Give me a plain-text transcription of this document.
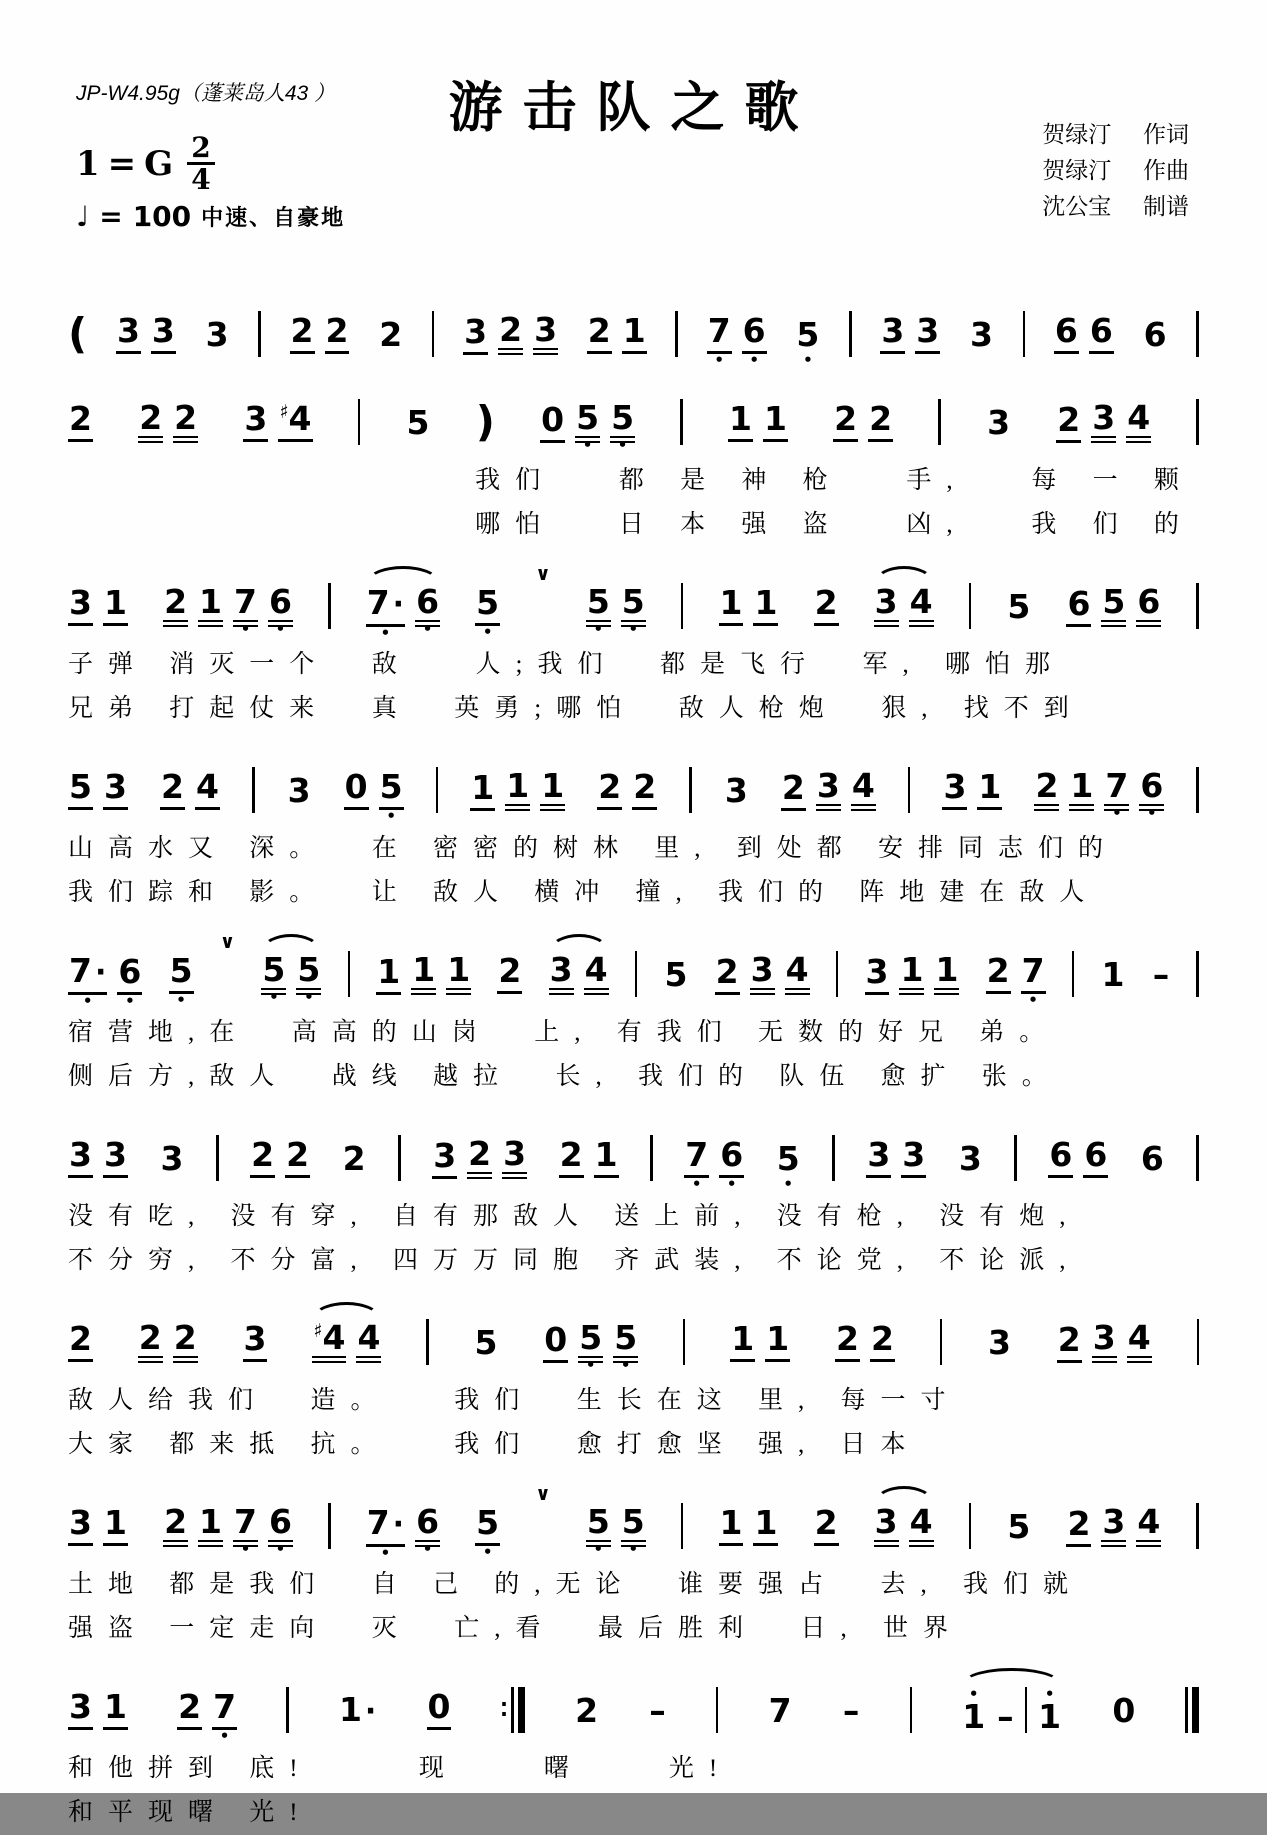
JP-W4.95g（蓬莱岛人43 ）	游击队之歌	贺绿汀 作词
贺绿汀 作曲
沈公宝 制谱
1 = G $\frac{2}{4}$
♩ = 100 中速、自豪地
( 3 3 3 2 2 2 3 2 3 2 1 7 • 6 • 5 • 3 3 3 6 6 6
2 2 2 3 ♯4	5 ) 0 5 • 5 •	1 1 2 2	3 2 3 4
我们   都 是 神 枪   手,   每 一 颗
哪怕   日 本 强 盗   凶,   我 们 的
3 1 2 1 7 • 6 • 7 · • 6 • 5 •
∨
5 • 5 • 1 1 2 3 4 5 6 5 6
子弹 消灭一个  敌   人;我们  都是飞行  军, 哪怕那
兄弟 打起仗来  真  英勇;哪怕  敌人枪炮  狠, 找不到
5 3 2 4 3 0 5 • 1 1 1 2 2 3 2 3 4 3 1 2 1 7 • 6 •
山高水又 深。  在 密密的树林 里, 到处都 安排同志们的
我们踪和 影。  让 敌人 横冲 撞, 我们的 阵地建在敌人
7 · • 6 • 5 •
∨
5 • 5 • 1 1 1 2 3 4 5 2 3 4 3 1 1 2 7 • 1 –
宿营地,在  高高的山岗  上, 有我们 无数的好兄 弟。
侧后方,敌人  战线 越拉  长, 我们的 队伍 愈扩 张。
3 3 3 2 2 2 3 2 3 2 1 7 • 6 • 5 • 3 3 3 6 6 6
没有吃, 没有穿, 自有那敌人 送上前, 没有枪, 没有炮,
不分穷, 不分富, 四万万同胞 齐武装, 不论党, 不论派,
2 2 2 3 ♯4 4	5 0 5 • 5 •	1 1 2 2	3 2 3 4
敌人给我们  造。   我们  生长在这 里, 每一寸
大家 都来抵 抗。   我们  愈打愈坚 强, 日本
3 1 2 1 7 • 6 • 7 · • 6 • 5 •
∨
5 • 5 • 1 1 2 3 4 5 2 3 4
土地 都是我们  自 己 的,无论  谁要强占  去, 我们就
强盗 一定走向  灭  亡,看  最后胜利  日, 世界
3 1 2 7 •	1 · 0 ∶ 2 –	7 –	• 1 – • 1 0
和他拼到 底!     现    曙    光!
和平现曙 光!
